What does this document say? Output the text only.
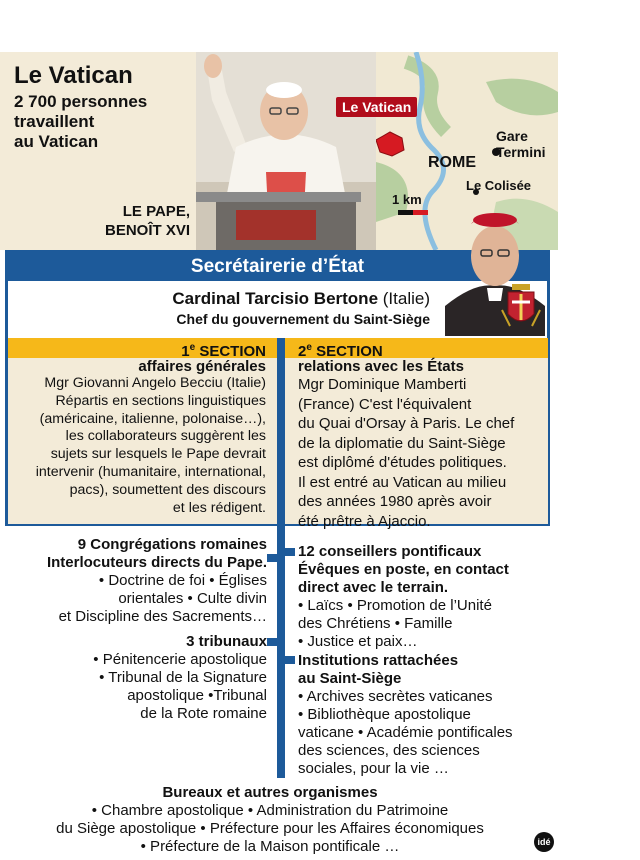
Le Vatican
2 700 personnes
travaillent
au Vatican
LE PAPE,
BENOÎT XVI
Le Vatican
Gare
Termini
ROME
Le Colisée
1 km
Secrétairerie d’État
Cardinal Tarcisio Bertone (Italie)
Chef du gouvernement du Saint-Siège
1e SECTION 2e SECTION
affaires générales
Mgr Giovanni Angelo Becciu (Italie)
Répartis en sections linguistiques
(américaine, italienne, polonaise…),
les collaborateurs suggèrent les
sujets sur lesquels le Pape devrait
intervenir (humanitaire, international,
pacs), soumettent des discours
et les rédigent.
relations avec les États
Mgr Dominique Mamberti
(France) C'est l'équivalent
du Quai d'Orsay à Paris. Le chef
de la diplomatie du Saint-Siège
est diplômé d'études politiques.
Il est entré au Vatican au milieu
des années 1980 après avoir
été prêtre à Ajaccio.
9 Congrégations romaines
Interlocuteurs directs du Pape.
• Doctrine de foi • Églises
orientales • Culte divin
et Discipline des Sacrements…
3 tribunaux
• Pénitencerie apostolique
• Tribunal de la Signature
apostolique •Tribunal
de la Rote romaine
12 conseillers pontificaux
Évêques en poste, en contact
direct avec le terrain.
• Laïcs • Promotion de l’Unité
des Chrétiens • Famille
• Justice et paix…
Institutions rattachées
au Saint-Siège
• Archives secrètes vaticanes
• Bibliothèque apostolique
vaticane • Académie pontificales
des sciences, des sciences
sociales, pour la vie …
Bureaux et autres organismes
• Chambre apostolique • Administration du Patrimoine
du Siège apostolique • Préfecture pour les Affaires économiques
• Préfecture de la Maison pontificale …	idé
